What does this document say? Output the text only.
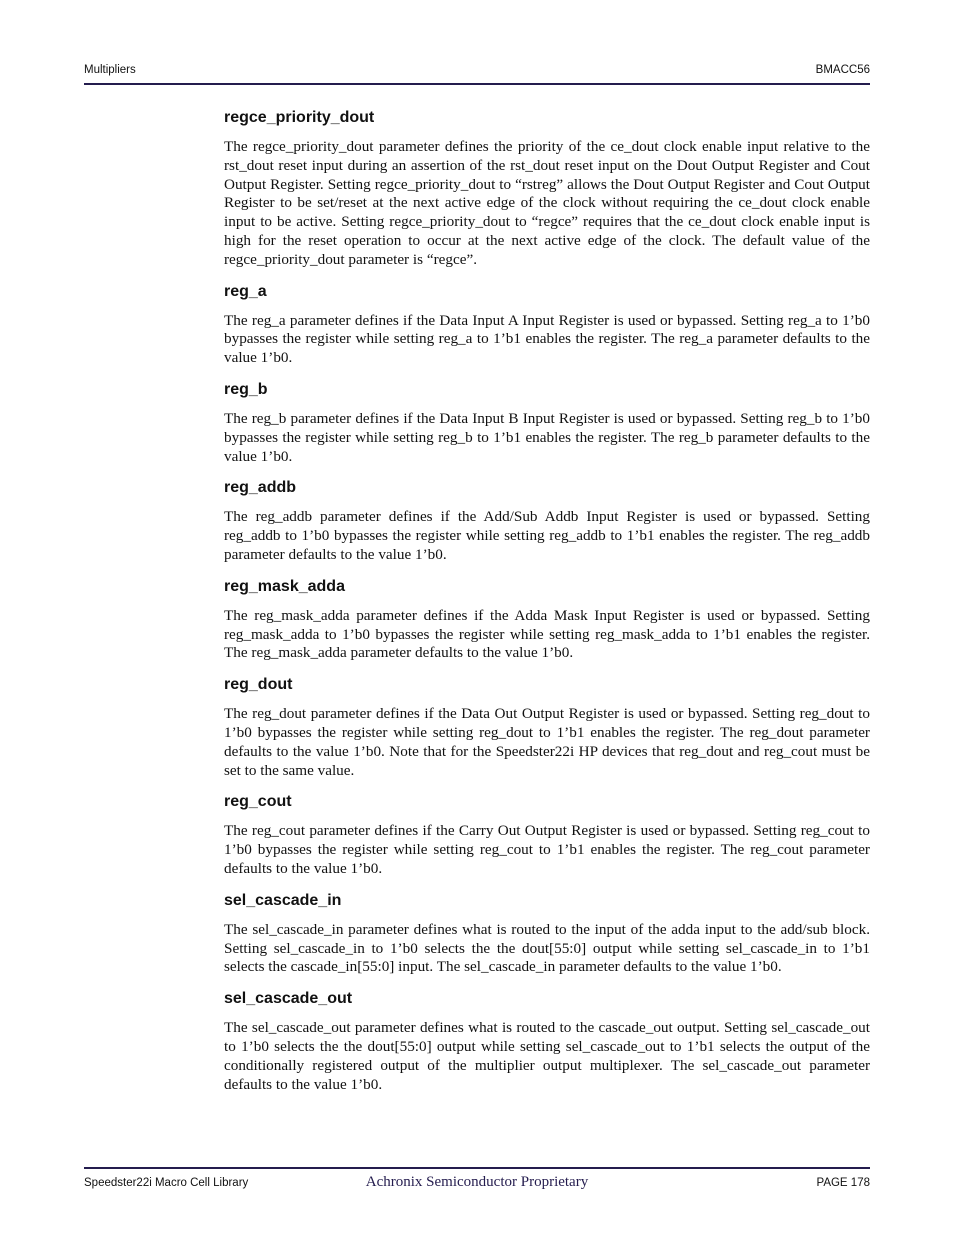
Multipliers	BMACC56
regce_priority_dout

The regce_priority_dout parameter defines the priority of the ce_dout clock enable input relative to the rst_dout reset input during an assertion of the rst_dout reset input on the Dout Output Register and Cout Output Register. Setting regce_priority_dout to “rstreg” allows the Dout Output Register and Cout Output Register to be set/reset at the next active edge of the clock without requiring the ce_dout clock enable input to be active. Setting regce_priority_dout to “regce” requires that the ce_dout clock enable input is high for the reset operation to occur at the next active edge of the clock. The default value of the regce_priority_dout parameter is “regce”.

reg_a

The reg_a parameter defines if the Data Input A Input Register is used or bypassed. Setting reg_a to 1’b0 bypasses the register while setting reg_a to 1’b1 enables the register. The reg_a parameter defaults to the value 1’b0.

reg_b

The reg_b parameter defines if the Data Input B Input Register is used or bypassed. Setting reg_b to 1’b0 bypasses the register while setting reg_b to 1’b1 enables the register. The reg_b parameter defaults to the value 1’b0.

reg_addb

The reg_addb parameter defines if the Add/Sub Addb Input Register is used or bypassed. Setting reg_addb to 1’b0 bypasses the register while setting reg_addb to 1’b1 enables the register. The reg_addb parameter defaults to the value 1’b0.

reg_mask_adda

The reg_mask_adda parameter defines if the Adda Mask Input Register is used or bypassed. Setting reg_mask_adda to 1’b0 bypasses the register while setting reg_mask_adda to 1’b1 enables the register. The reg_mask_adda parameter defaults to the value 1’b0.

reg_dout

The reg_dout parameter defines if the Data Out Output Register is used or bypassed. Setting reg_dout to 1’b0 bypasses the register while setting reg_dout to 1’b1 enables the register. The reg_dout parameter defaults to the value 1’b0. Note that for the Speedster22i HP devices that reg_dout and reg_cout must be set to the same value.

reg_cout

The reg_cout parameter defines if the Carry Out Output Register is used or bypassed. Setting reg_cout to 1’b0 bypasses the register while setting reg_cout to 1’b1 enables the register. The reg_cout parameter defaults to the value 1’b0.

sel_cascade_in

The sel_cascade_in parameter defines what is routed to the input of the adda input to the add/sub block. Setting sel_cascade_in to 1’b0 selects the the dout[55:0] output while setting sel_cascade_in to 1’b1 selects the cascade_in[55:0] input. The sel_cascade_in parameter defaults to the value 1’b0.

sel_cascade_out

The sel_cascade_out parameter defines what is routed to the cascade_out output. Setting sel_cascade_out to 1’b0 selects the the dout[55:0] output while setting sel_cascade_out to 1’b1 selects the output of the conditionally registered output of the multiplier output multiplexer. The sel_cascade_out parameter defaults to the value 1’b0.

Speedster22i Macro Cell Library	Achronix Semiconductor Proprietary	PAGE 178
